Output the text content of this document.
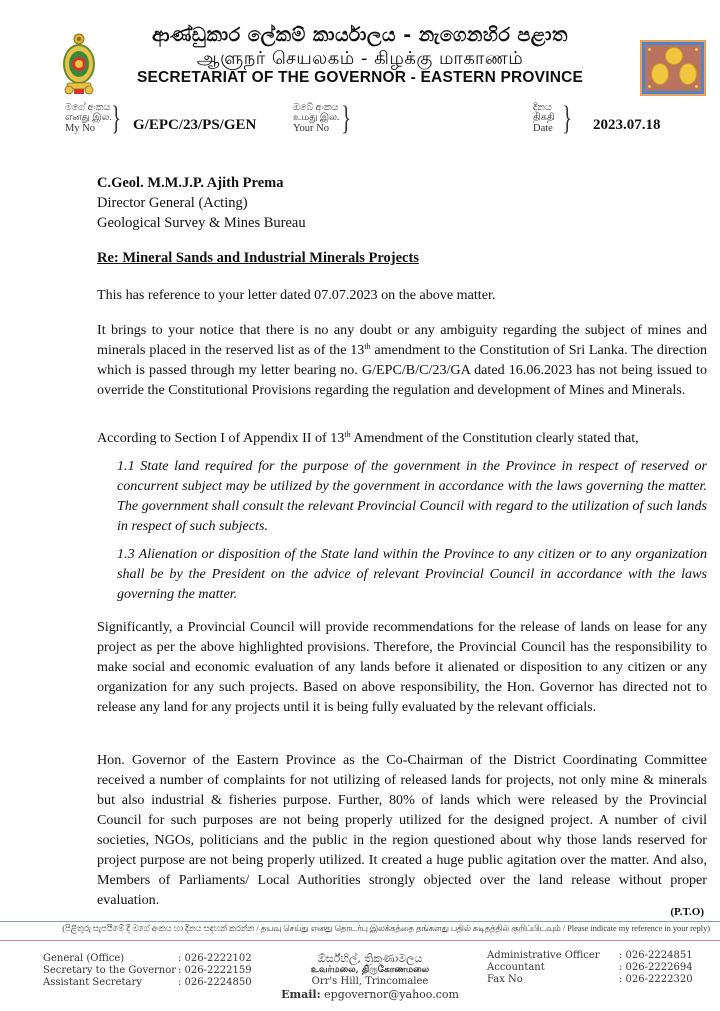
ආණ්ඩුකාර ලේකම් කාර්යාලය - නැගෙනහිර පළාත
ஆளுநர் செயலகம் - கிழக்கு மாகாணம்
SECRETARIAT OF THE GOVERNOR - EASTERN PROVINCE
මගේ අංකය
எனது இல.
My No } G/EPC/23/PS/GEN
ඔබේ අංකය
உமது இல.
Your No }	දිනය
திகதி
Date } 2023.07.18
C.Geol. M.M.J.P. Ajith Prema
Director General (Acting)
Geological Survey & Mines Bureau
Re: Mineral Sands and Industrial Minerals Projects
This has reference to your letter dated 07.07.2023 on the above matter.
It brings to your notice that there is no any doubt or any ambiguity regarding the subject of mines and minerals placed in the reserved list as of the 13th amendment to the Constitution of Sri Lanka. The direction which is passed through my letter bearing no. G/EPC/B/C/23/GA dated 16.06.2023 has not being issued to override the Constitutional Provisions regarding the regulation and development of Mines and Minerals.
According to Section I of Appendix II of 13th Amendment of the Constitution clearly stated that,
1.1 State land required for the purpose of the government in the Province in respect of reserved or concurrent subject may be utilized by the government in accordance with the laws governing the matter. The government shall consult the relevant Provincial Council with regard to the utilization of such lands in respect of such subjects.
1.3 Alienation or disposition of the State land within the Province to any citizen or to any organization shall be by the President on the advice of relevant Provincial Council in accordance with the laws governing the matter.
Significantly, a Provincial Council will provide recommendations for the release of lands on lease for any project as per the above highlighted provisions. Therefore, the Provincial Council has the responsibility to make social and economic evaluation of any lands before it alienated or disposition to any citizen or any organization for any such projects. Based on above responsibility, the Hon. Governor has directed not to release any land for any projects until it is being fully evaluated by the relevant officials.
Hon. Governor of the Eastern Province as the Co-Chairman of the District Coordinating Committee received a number of complaints for not utilizing of released lands for projects, not only mine & minerals but also industrial & fisheries purpose. Further, 80% of lands which were released by the Provincial Council for such purposes are not being properly utilized for the designed project. A number of civil societies, NGOs, politicians and the public in the region questioned about why those lands reserved for project purpose are not being properly utilized. It created a huge public agitation over the matter. And also, Members of Parliaments/ Local Authorities strongly objected over the land release without proper evaluation.
(P.T.O)
(පිළිතුරු සැපයීමේ දී මගේ අංකය හා දිනය සඳහන් කරන්න / தயவு செய்து எனது தொடர்பு இலக்கத்தை தங்களது பதில் கடிதத்தில் குறிப்பிடவும் / Please indicate my reference in your reply)
General (Office)	: 026-2222102
Secretary to the Governor	: 026-2222159
Assistant Secretary	: 026-2224850
ඕර්ස්හිල්, ත්‍රිකුණාමලය
உவர்மலை, திருகோணமலை
Orr's Hill, Trincomalee
Email: epgovernor@yahoo.com
Administrative Officer	: 026-2224851
Accountant	: 026-2222694
Fax No	: 026-2222320
